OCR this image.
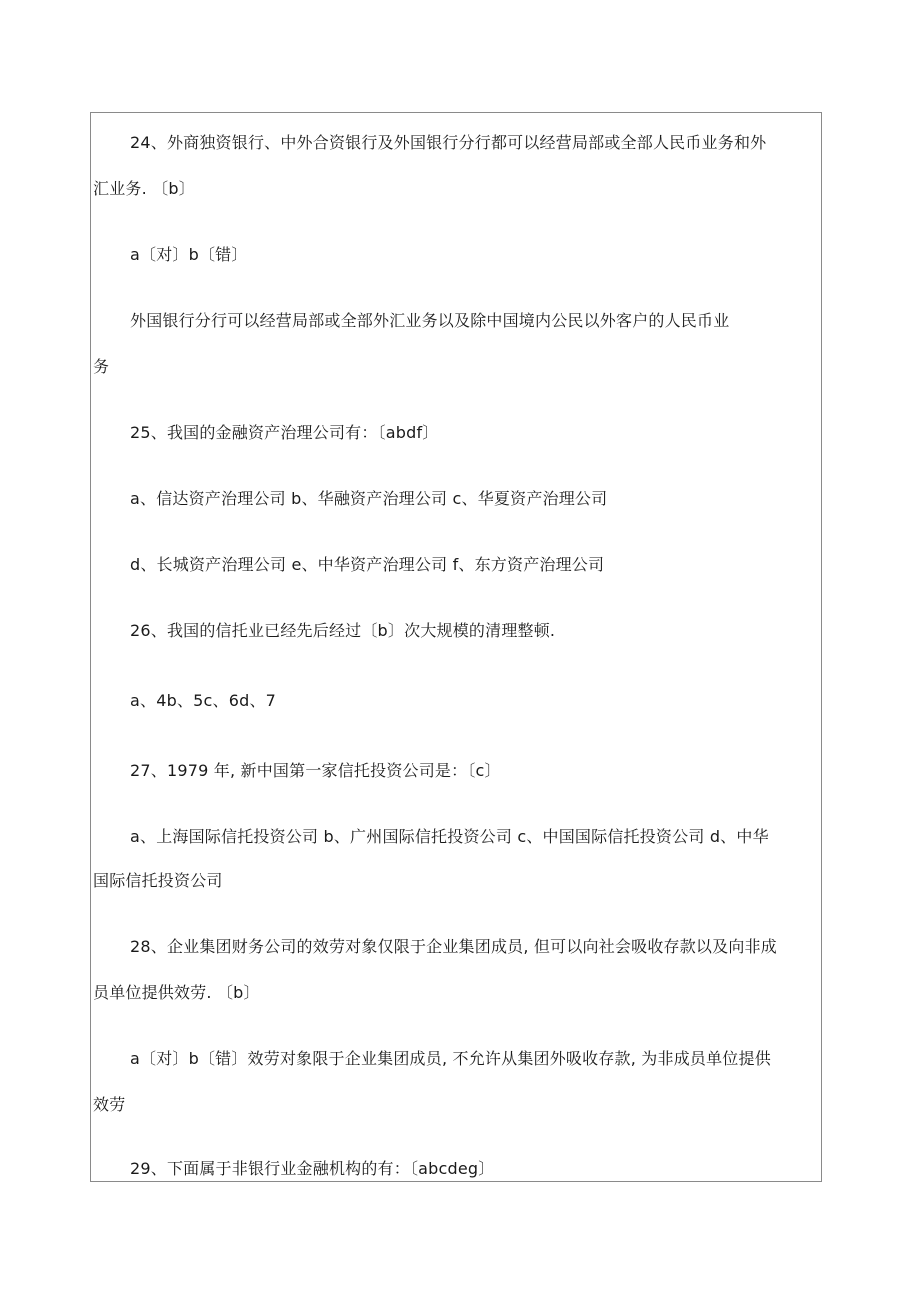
24、外商独资银行、中外合资银行及外国银行分行都可以经营局部或全部人民币业务和外

汇业务. 〔b〕

a〔对〕b〔错〕

外国银行分行可以经营局部或全部外汇业务以及除中国境内公民以外客户的人民币业

务

25、我国的金融资产治理公司有：〔abdf〕

a、信达资产治理公司 b、华融资产治理公司 c、华夏资产治理公司

d、长城资产治理公司 e、中华资产治理公司 f、东方资产治理公司

26、我国的信托业已经先后经过〔b〕次大规模的清理整顿.

a、4b、5c、6d、7

27、1979 年, 新中国第一家信托投资公司是：〔c〕

a、上海国际信托投资公司 b、广州国际信托投资公司 c、中国国际信托投资公司 d、中华

国际信托投资公司

28、企业集团财务公司的效劳对象仅限于企业集团成员, 但可以向社会吸收存款以及向非成

员单位提供效劳. 〔b〕

a〔对〕b〔错〕效劳对象限于企业集团成员, 不允许从集团外吸收存款, 为非成员单位提供

效劳

29、下面属于非银行业金融机构的有：〔abcdeg〕
